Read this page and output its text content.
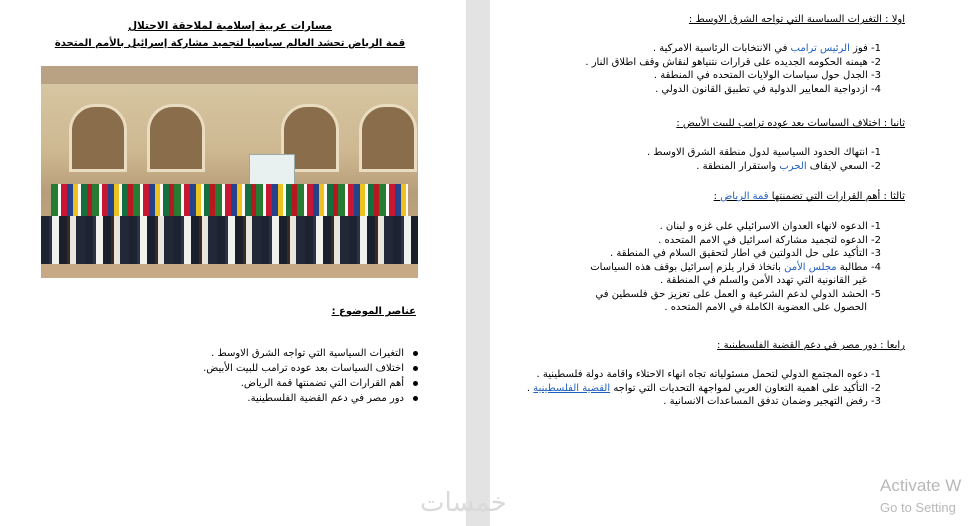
مسارات عربية إسلامية لملاحقة الاحتلال
قمة الرياض تحشد العالم سياسيا لتجميد مشاركة إسرائيل بالأمم المتحدة
عناصر الموضوع :
التغيرات السياسية التي تواجه الشرق الاوسط .
اختلاف السياسات بعد عوده ترامب للبيت الأبيض.
أهم القرارات التي تضمنتها قمة الرياض.
دور مصر في دعم القضية الفلسطينية.
اولا : التغيرات السياسية التي تواجه الشرق الاوسط :
1- فوز الرئيس ترامب في الانتخابات الرئاسية الامركية .
2- هيمنه الحكومه الجديده على قرارات نتنياهو لنقاش وقف اطلاق النار .
3- الجدل حول سياسات الولايات المتحده في المنطقة .
4- ازدواجية المعايير الدولية في تطبيق القانون الدولي .
ثانيا : اختلاف السياسات بعد عوده ترامب للبيت الأبيض :
1- انتهاك الحدود السياسية لدول منطقة الشرق الاوسط .
2- السعي لايقاف الحرب واستقرار المنطقة .
ثالثا : أهم القرارات التي تضمنتها قمة الرياض :
1- الدعوه لانهاء العدوان الاسرائيلي على غزه و لبنان .
2- الدعوه لتجميد مشاركة اسرائيل في الامم المتحده .
3- التأكيد على حل الدولتين في اطار لتحقيق السلام في المنطقة .
4- مطالبة مجلس الأمن باتخاذ قرار يلزم إسرائيل بوقف هذه السياسات
غير القانونية التي تهدد الأمن والسلم في المنطقة .
5- الحشد الدولي لدعم الشرعية و العمل على تعزيز حق فلسطين في
الحصول على العضوية الكاملة في الامم المتحده .
رابعا : دور مصر في دعم القضية الفلسطينية :
1- دعوه المجتمع الدولي لتحمل مسئولياته تجاه انهاء الاحتلاء واقامة دولة فلسطينية .
2- التأكيد على اهمية التعاون العربي لمواجهة التحديات التي تواجه القضية الفلسطينية .
3- رفض التهجير وضمان تدفق المساعدات الانسانية .
خمسات
Activate W
Go to Setting
